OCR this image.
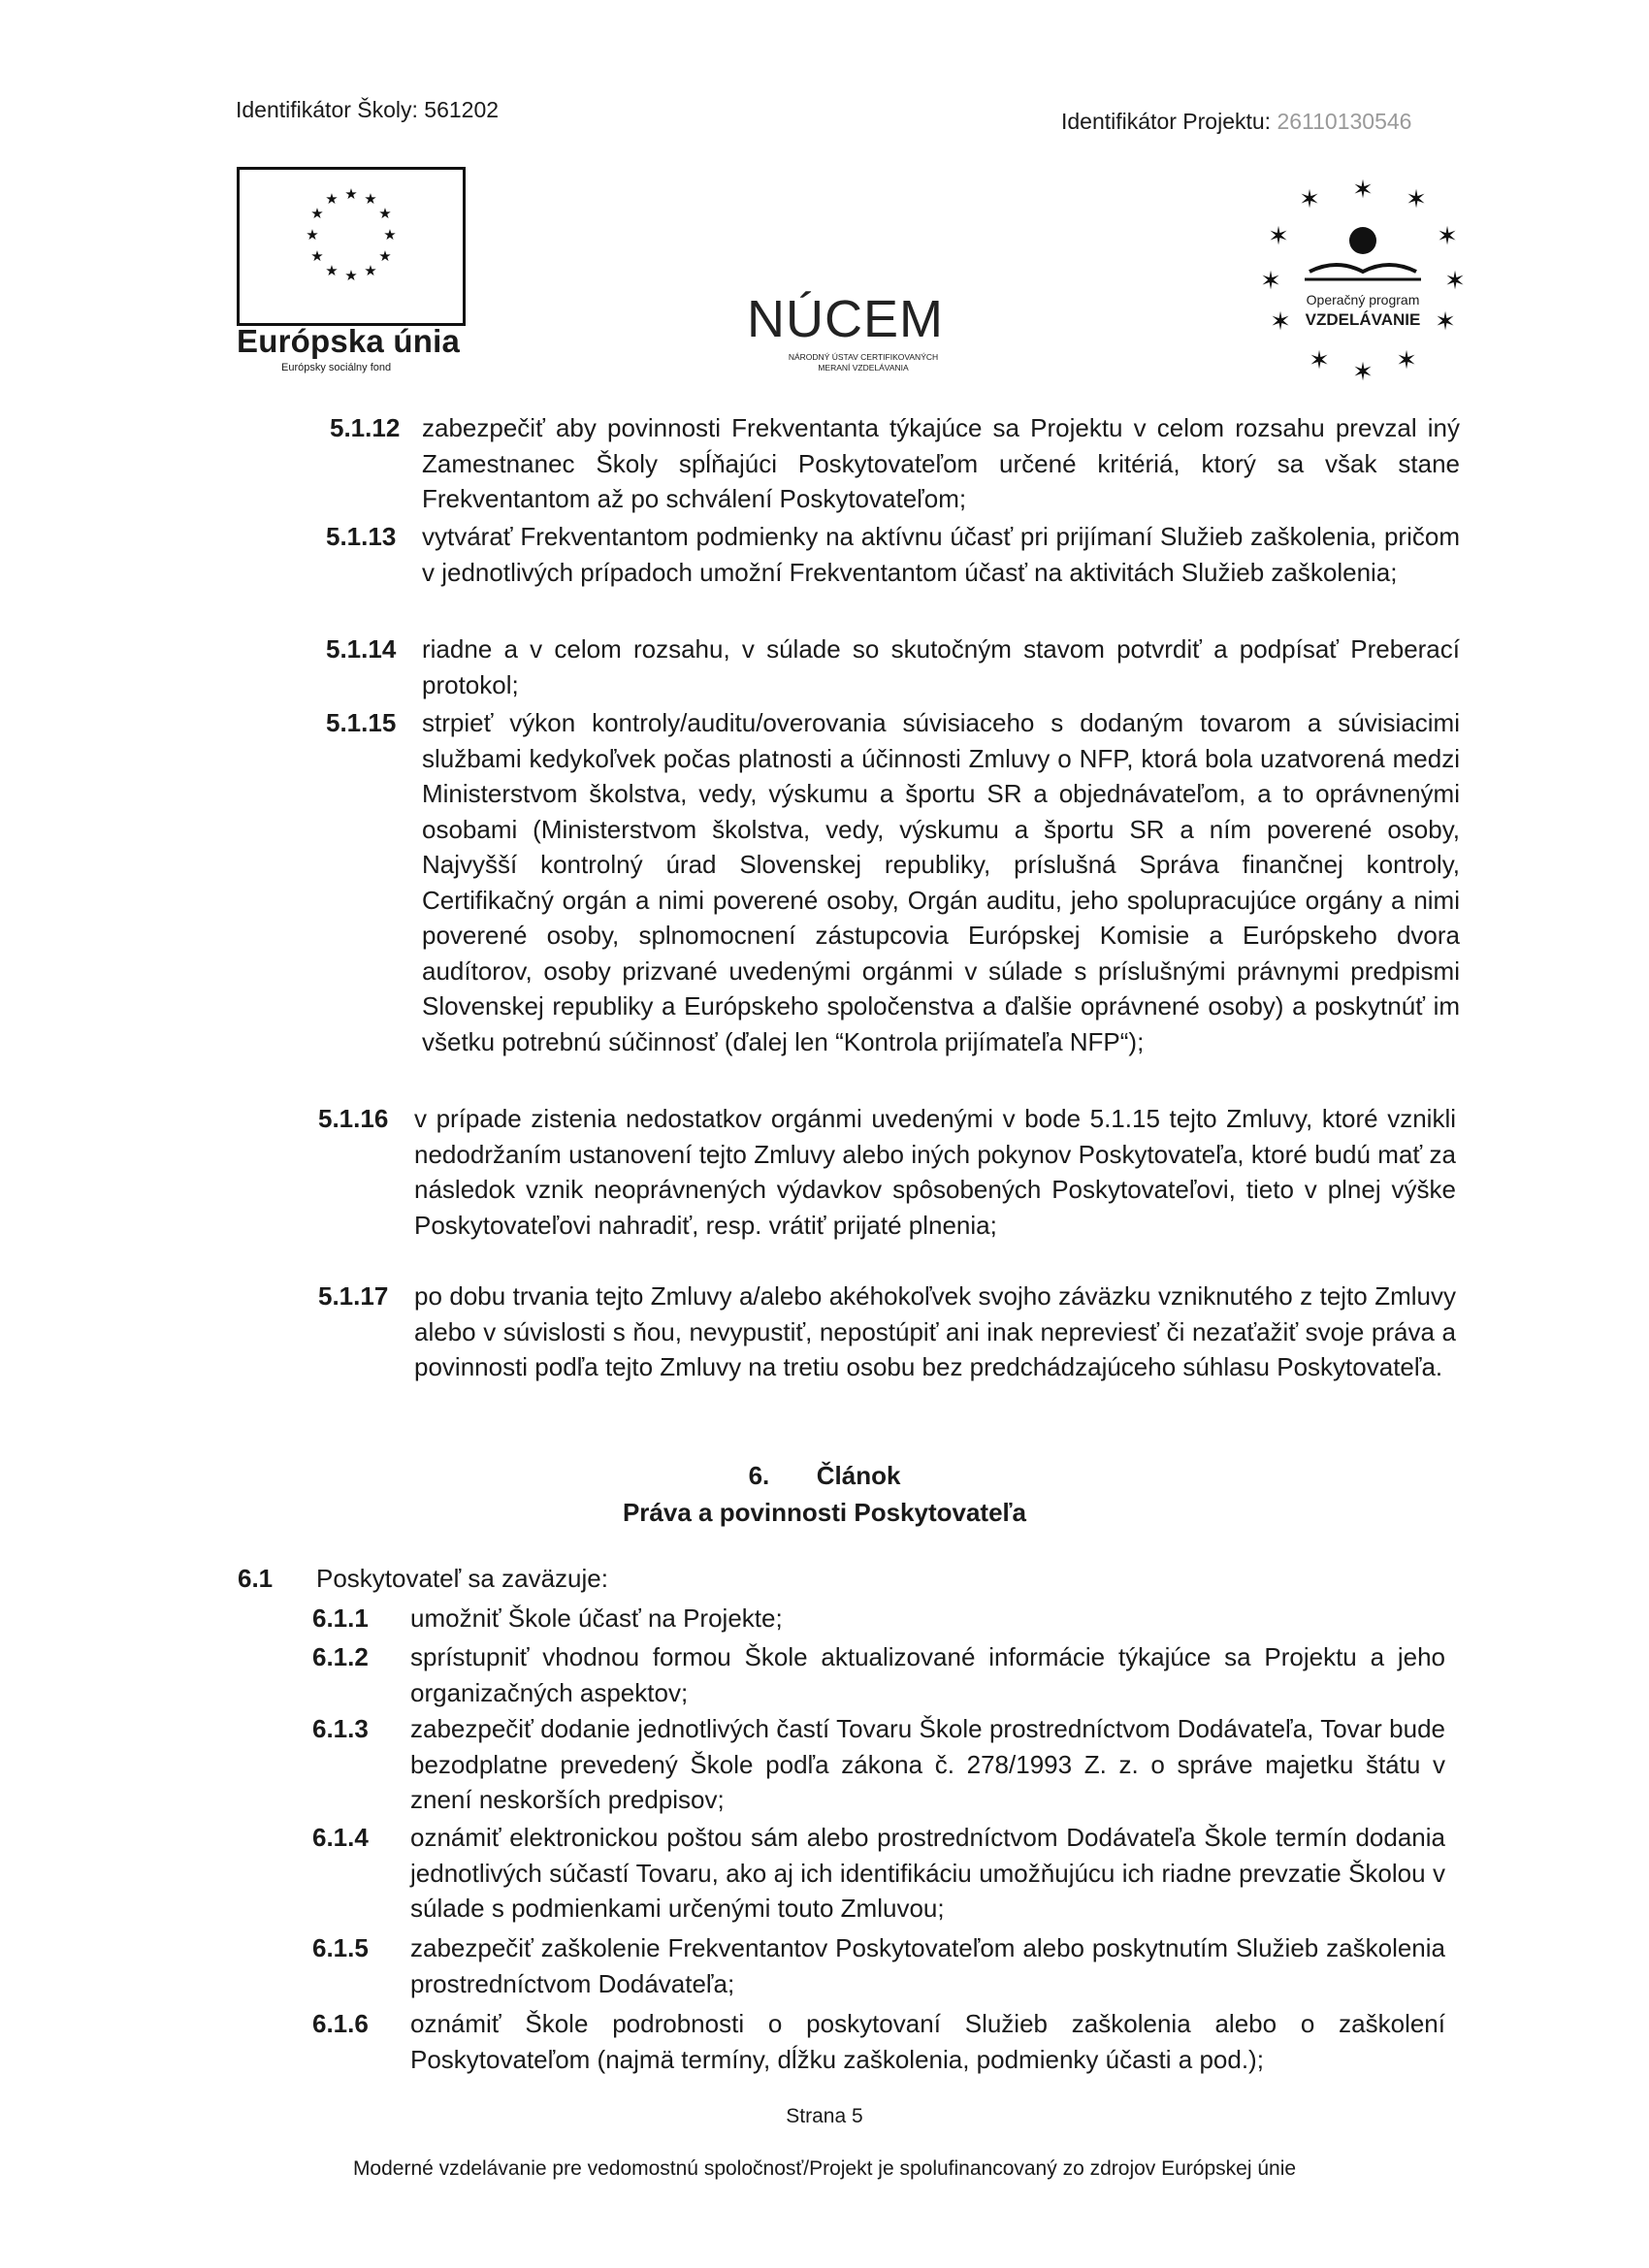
Identifikátor Školy: 561202	Identifikátor Projektu: 26110130546
★ ★
★
★
★
★
★
★
★
★
★
★
Európska únia
Európsky sociálny fond
NÚCEM
NÁRODNÝ ÚSTAV CERTIFIKOVANÝCH
MERANÍ VZDELÁVANIA
✶ ✶ ✶
✶	✶
✶	✶
✶	✶
✶ ✶ ✶
Operačný program
VZDELÁVANIE
5.1.12 zabezpečiť aby povinnosti Frekventanta týkajúce sa Projektu v celom rozsahu prevzal iný Zamestnanec Školy spĺňajúci Poskytovateľom určené kritériá, ktorý sa však stane Frekventantom až po schválení Poskytovateľom;
5.1.13 vytvárať Frekventantom podmienky na aktívnu účasť pri prijímaní Služieb zaškolenia, pričom v jednotlivých prípadoch umožní Frekventantom účasť na aktivitách Služieb zaškolenia;
5.1.14 riadne a v celom rozsahu, v súlade so skutočným stavom potvrdiť a podpísať Preberací protokol;
5.1.15 strpieť výkon kontroly/auditu/overovania súvisiaceho s dodaným tovarom a súvisiacimi službami kedykoľvek počas platnosti a účinnosti Zmluvy o NFP, ktorá bola uzatvorená medzi Ministerstvom školstva, vedy, výskumu a športu SR a objednávateľom, a to oprávnenými osobami (Ministerstvom školstva, vedy, výskumu a športu SR a ním poverené osoby, Najvyšší kontrolný úrad Slovenskej republiky, príslušná Správa finančnej kontroly, Certifikačný orgán a nimi poverené osoby, Orgán auditu, jeho spolupracujúce orgány a nimi poverené osoby, splnomocnení zástupcovia Európskej Komisie a Európskeho dvora audítorov, osoby prizvané uvedenými orgánmi v súlade s príslušnými právnymi predpismi Slovenskej republiky a Európskeho spoločenstva a ďalšie oprávnené osoby) a poskytnúť im všetku potrebnú súčinnosť (ďalej len “Kontrola prijímateľa NFP“);
5.1.16 v prípade zistenia nedostatkov orgánmi uvedenými v bode 5.1.15 tejto Zmluvy, ktoré vznikli nedodržaním ustanovení tejto Zmluvy alebo iných pokynov Poskytovateľa, ktoré budú mať za následok vznik neoprávnených výdavkov spôsobených Poskytovateľovi, tieto v plnej výške Poskytovateľovi nahradiť, resp. vrátiť prijaté plnenia;
5.1.17 po dobu trvania tejto Zmluvy a/alebo akéhokoľvek svojho záväzku vzniknutého z tejto Zmluvy alebo v súvislosti s ňou, nevypustiť, nepostúpiť ani inak nepreviesť či nezaťažiť svoje práva a povinnosti podľa tejto Zmluvy na tretiu osobu bez predchádzajúceho súhlasu Poskytovateľa.
6. Článok
Práva a povinnosti Poskytovateľa
6.1 Poskytovateľ sa zaväzuje:
6.1.1 umožniť Škole účasť na Projekte;
6.1.2 sprístupniť vhodnou formou Škole aktualizované informácie týkajúce sa Projektu a jeho organizačných aspektov;
6.1.3 zabezpečiť dodanie jednotlivých častí Tovaru Škole prostredníctvom Dodávateľa, Tovar bude bezodplatne prevedený Škole podľa zákona č. 278/1993 Z. z. o správe majetku štátu v znení neskorších predpisov;
6.1.4 oznámiť elektronickou poštou sám alebo prostredníctvom Dodávateľa Škole termín dodania jednotlivých súčastí Tovaru, ako aj ich identifikáciu umožňujúcu ich riadne prevzatie Školou v súlade s podmienkami určenými touto Zmluvou;
6.1.5 zabezpečiť zaškolenie Frekventantov Poskytovateľom alebo poskytnutím Služieb zaškolenia prostredníctvom Dodávateľa;
6.1.6 oznámiť Škole podrobnosti o poskytovaní Služieb zaškolenia alebo o zaškolení Poskytovateľom (najmä termíny, dĺžku zaškolenia, podmienky účasti a pod.);
Strana 5
Moderné vzdelávanie pre vedomostnú spoločnosť/Projekt je spolufinancovaný zo zdrojov Európskej únie
